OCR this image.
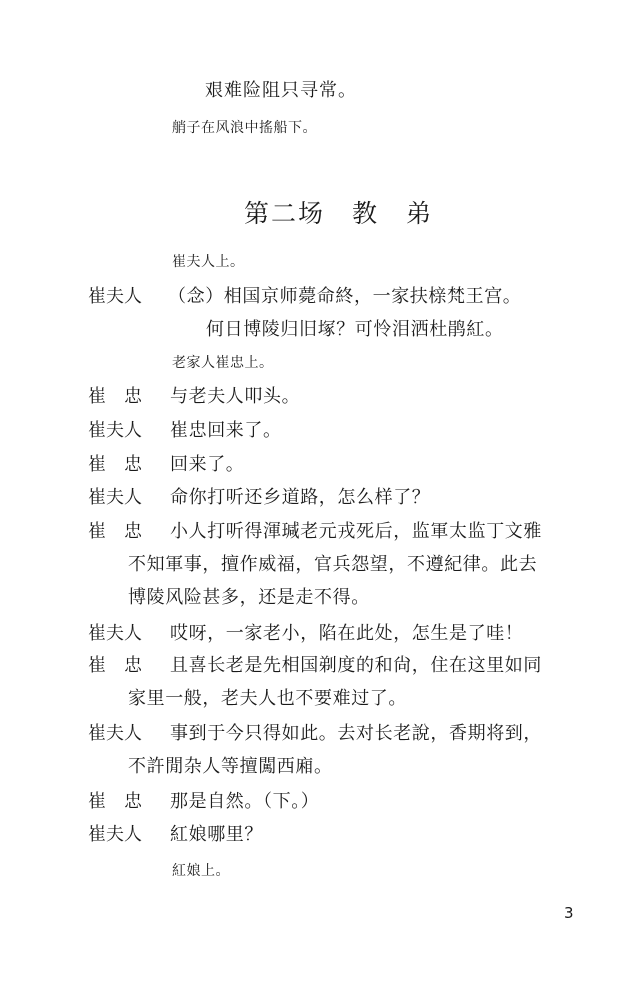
艰难险阻只寻常。
艄子在风浪中搖船下。
第二场　教　弟
崔夫人上。
崔夫人 （念）相国京师薨命終，一家扶榇梵王宫。
何日博陵归旧塚？可怜泪洒杜鹃紅。
老家人崔忠上。
崔　忠 与老夫人叩头。
崔夫人 崔忠回来了。
崔　忠 回来了。
崔夫人 命你打听还乡道路，怎么样了？
崔　忠 小人打听得渾瑊老元戎死后，监軍太监丁文雅
不知軍事，擅作威福，官兵怨望，不遵紀律。此去
博陵风险甚多，还是走不得。
崔夫人 哎呀，一家老小，陷在此处，怎生是了哇！
崔　忠 且喜长老是先相国剃度的和尙，住在这里如同
家里一般，老夫人也不要难过了。
崔夫人 事到于今只得如此。去对长老說，香期将到，
不許閒杂人等擅闖西廂。
崔　忠 那是自然。（下。）
崔夫人 紅娘哪里？
紅娘上。
3
